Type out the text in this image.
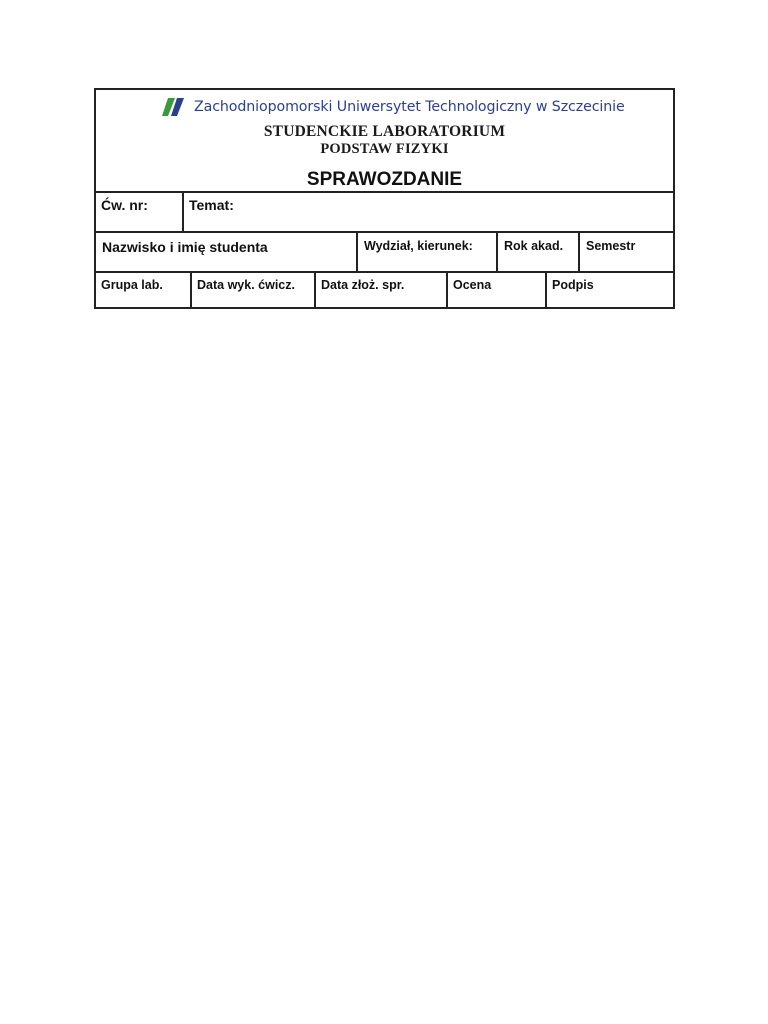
Zachodniopomorski Uniwersytet Technologiczny w Szczecinie
STUDENCKIE LABORATORIUM
PODSTAW FIZYKI
SPRAWOZDANIE
Ćw. nr:	Temat:
Nazwisko i imię studenta	Wydział, kierunek:	Rok akad.	Semestr
Grupa lab.	Data wyk. ćwicz.	Data złoż. spr.	Ocena	Podpis
